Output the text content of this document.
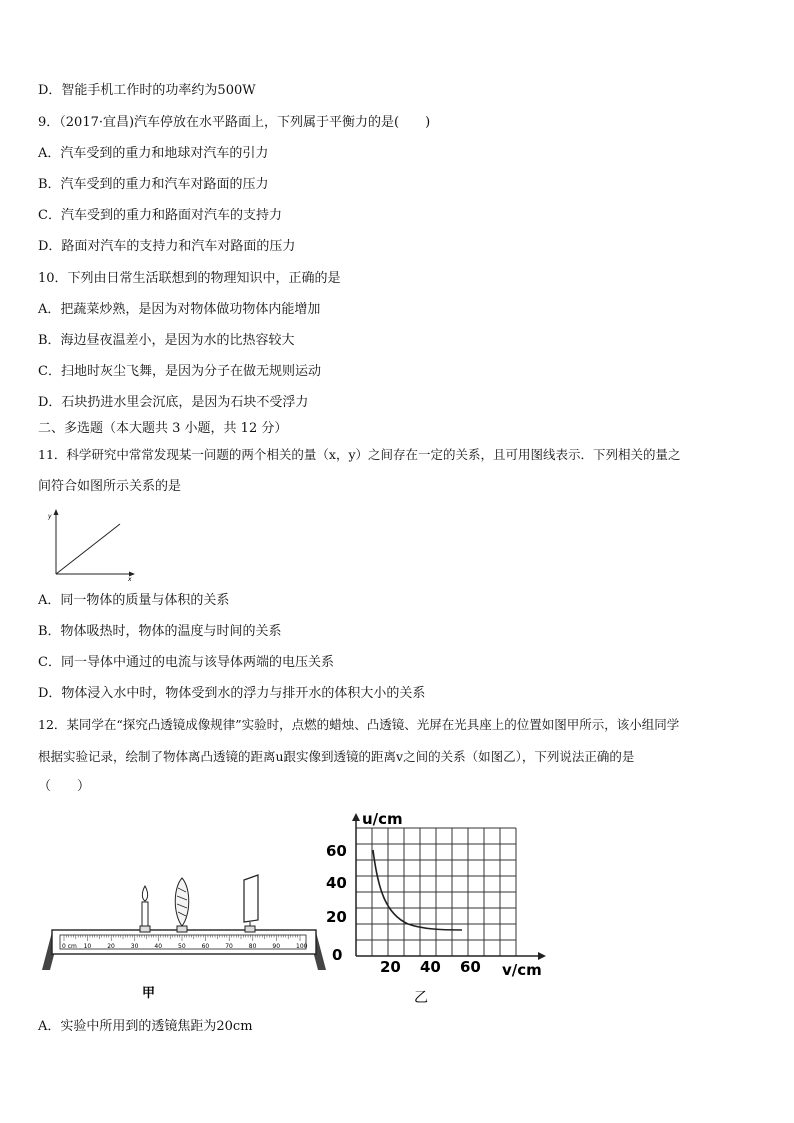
D．智能手机工作时的功率约为500W
9．（2017·宜昌)汽车停放在水平路面上，下列属于平衡力的是(　　)
A．汽车受到的重力和地球对汽车的引力
B．汽车受到的重力和汽车对路面的压力
C．汽车受到的重力和路面对汽车的支持力
D．路面对汽车的支持力和汽车对路面的压力
10．下列由日常生活联想到的物理知识中，正确的是
A．把蔬菜炒熟，是因为对物体做功物体内能增加
B．海边昼夜温差小，是因为水的比热容较大
C．扫地时灰尘飞舞，是因为分子在做无规则运动
D．石块扔进水里会沉底，是因为石块不受浮力
二、多选题（本大题共 3 小题，共 12 分）
11．科学研究中常常发现某一问题的两个相关的量（x，y）之间存在一定的关系，且可用图线表示．下列相关的量之
间符合如图所示关系的是
y
x
A．同一物体的质量与体积的关系
B．物体吸热时，物体的温度与时间的关系
C．同一导体中通过的电流与该导体两端的电压关系
D．物体浸入水中时，物体受到水的浮力与排开水的体积大小的关系
12．某同学在“探究凸透镜成像规律”实验时，点燃的蜡烛、凸透镜、光屏在光具座上的位置如图甲所示，该小组同学
根据实验记录，绘制了物体离凸透镜的距离u跟实像到透镜的距离v之间的关系（如图乙），下列说法正确的是
（　　）
0 cm 10	20	30	40	50	60	70	80	90	100
甲
u/cm
v/cm
60
40
20
0
20 40 60
乙
A．实验中所用到的透镜焦距为20cm
